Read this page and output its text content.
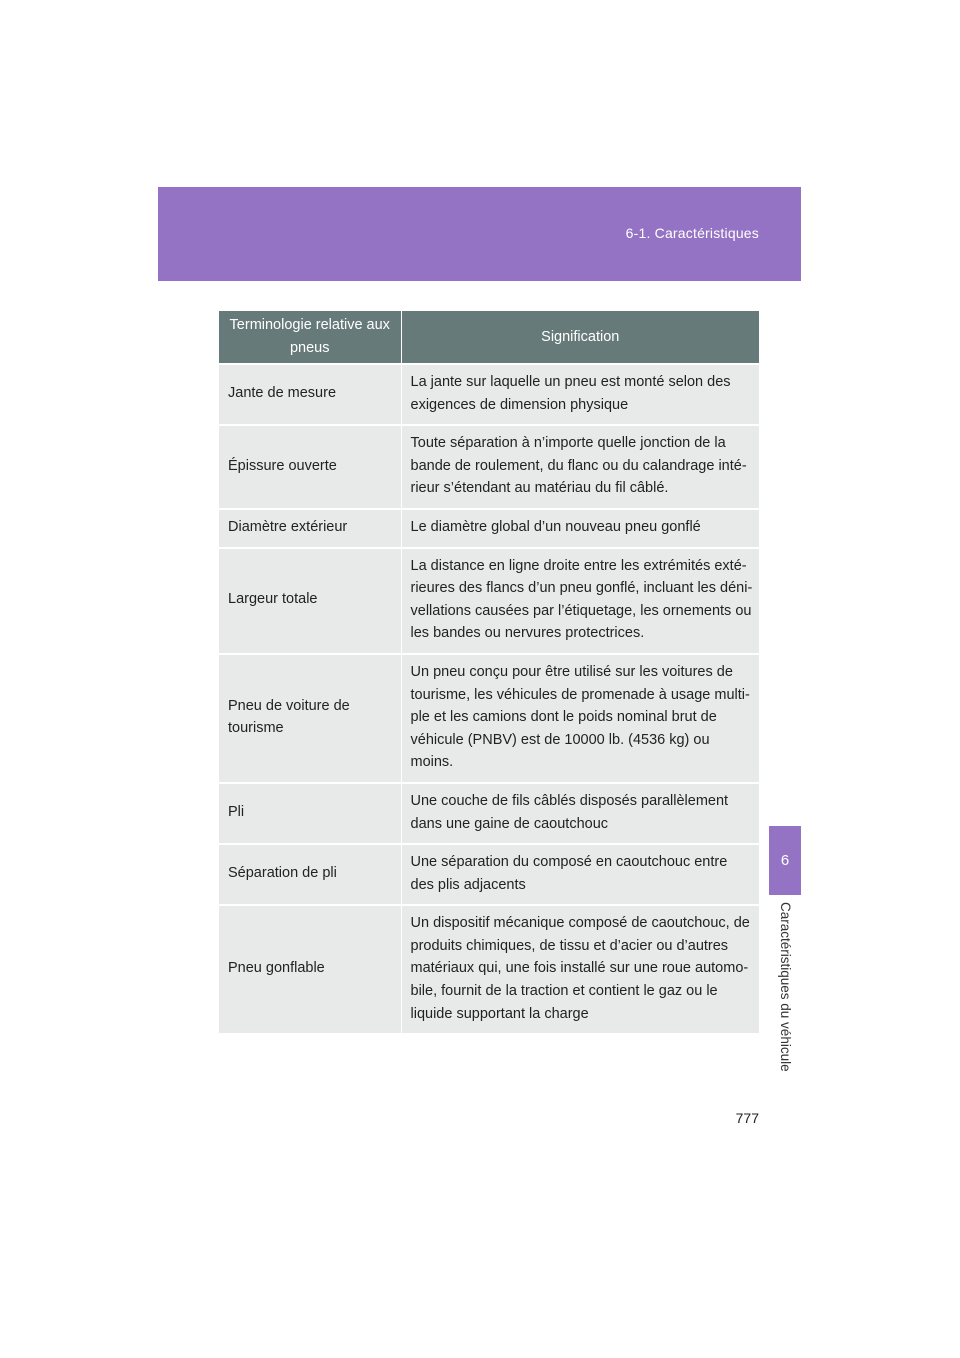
6-1. Caractéristiques
6
Caractéristiques du véhicule
Terminologie relative aux pneus	Signification
Jante de mesure	La jante sur laquelle un pneu est monté selon des exigences de dimension physique
Épissure ouverte	Toute séparation à n’importe quelle jonction de la bande de roulement, du flanc ou du calandrage inté-rieur s’étendant au matériau du fil câblé.
Diamètre extérieur	Le diamètre global d’un nouveau pneu gonflé
Largeur totale	La distance en ligne droite entre les extrémités exté-rieures des flancs d’un pneu gonflé, incluant les déni-vellations causées par l’étiquetage, les ornements ou les bandes ou nervures protectrices.
Pneu de voiture de tourisme	Un pneu conçu pour être utilisé sur les voitures de tourisme, les véhicules de promenade à usage multi-ple et les camions dont le poids nominal brut de véhicule (PNBV) est de 10000 lb. (4536 kg) ou moins.
Pli	Une couche de fils câblés disposés parallèlement dans une gaine de caoutchouc
Séparation de pli	Une séparation du composé en caoutchouc entre des plis adjacents
Pneu gonflable	Un dispositif mécanique composé de caoutchouc, de produits chimiques, de tissu et d’acier ou d’autres matériaux qui, une fois installé sur une roue automo-bile, fournit de la traction et contient le gaz ou le liquide supportant la charge
777
